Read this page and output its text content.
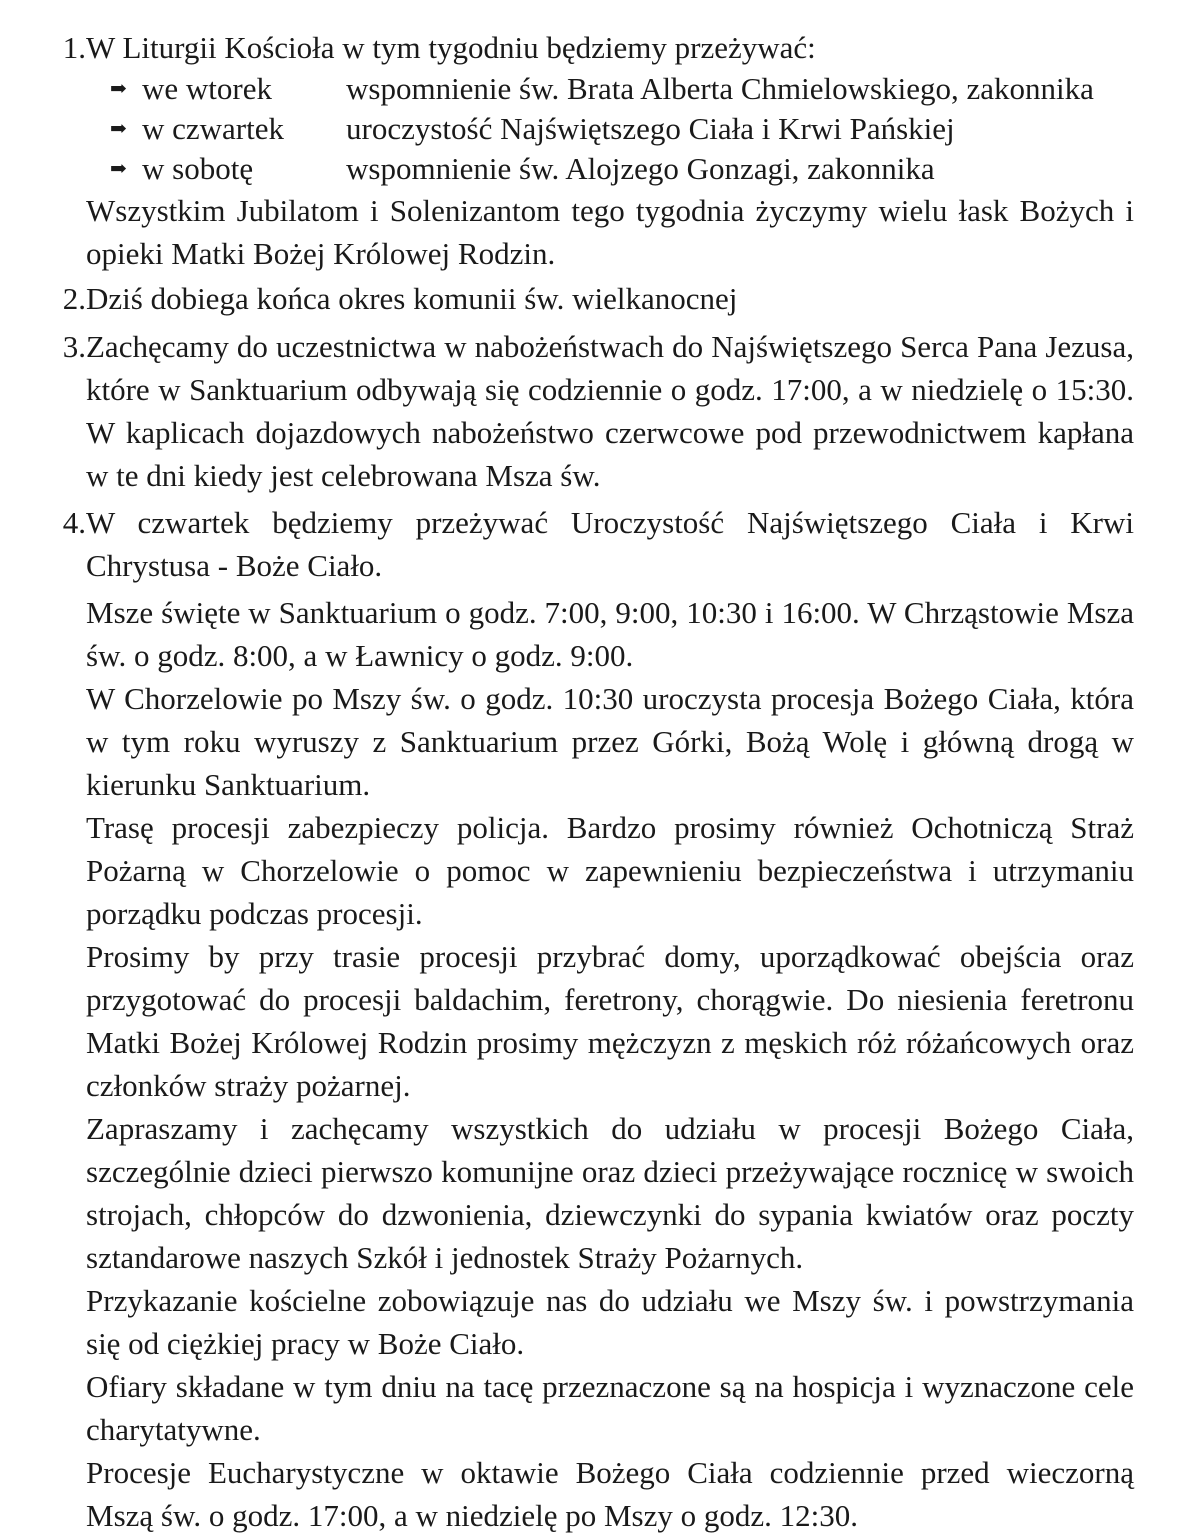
1. W Liturgii Kościoła w tym tygodniu będziemy przeżywać:
➡ we wtorek wspomnienie św. Brata Alberta Chmielowskiego, zakonnika
➡ w czwartek uroczystość Najświętszego Ciała i Krwi Pańskiej
➡ w sobotę	wspomnienie św. Alojzego Gonzagi, zakonnika
Wszystkim Jubilatom i Solenizantom tego tygodnia życzymy wielu łask Bożych i opieki Matki Bożej Królowej Rodzin.
2. Dziś dobiega końca okres komunii św. wielkanocnej
3. Zachęcamy do uczestnictwa w nabożeństwach do Najświętszego Serca Pana Jezusa, które w Sanktuarium odbywają się codziennie o godz. 17:00, a w niedzielę o 15:30. W kaplicach dojazdowych nabożeństwo czerwcowe pod przewodnictwem kapłana w te dni kiedy jest celebrowana Msza św.
4. W czwartek będziemy przeżywać Uroczystość Najświętszego Ciała i Krwi Chrystusa - Boże Ciało.
Msze święte w Sanktuarium o godz. 7:00, 9:00, 10:30 i 16:00. W Chrząstowie Msza św. o godz. 8:00, a w Ławnicy o godz. 9:00.
W Chorzelowie po Mszy św. o godz. 10:30 uroczysta procesja Bożego Ciała, która w tym roku wyruszy z Sanktuarium przez Górki, Bożą Wolę i główną drogą w kierunku Sanktuarium.
Trasę procesji zabezpieczy policja. Bardzo prosimy również Ochotniczą Straż Pożarną w Chorzelowie o pomoc w zapewnieniu bezpieczeństwa i utrzymaniu porządku podczas procesji.
Prosimy by przy trasie procesji przybrać domy, uporządkować obejścia oraz przygotować do procesji baldachim, feretrony, chorągwie. Do niesienia feretronu Matki Bożej Królowej Rodzin prosimy mężczyzn z męskich róż różańcowych oraz członków straży pożarnej.
Zapraszamy i zachęcamy wszystkich do udziału w procesji Bożego Ciała, szczególnie dzieci pierwszo komunijne oraz dzieci przeżywające rocznicę w swoich strojach, chłopców do dzwonienia, dziewczynki do sypania kwiatów oraz poczty sztandarowe naszych Szkół i jednostek Straży Pożarnych.
Przykazanie kościelne zobowiązuje nas do udziału we Mszy św. i powstrzymania się od ciężkiej pracy w Boże Ciało.
Ofiary składane w tym dniu na tacę przeznaczone są na hospicja i wyznaczone cele charytatywne.
Procesje Eucharystyczne w oktawie Bożego Ciała codziennie przed wieczorną Mszą św. o godz. 17:00, a w niedzielę po Mszy o godz. 12:30.
